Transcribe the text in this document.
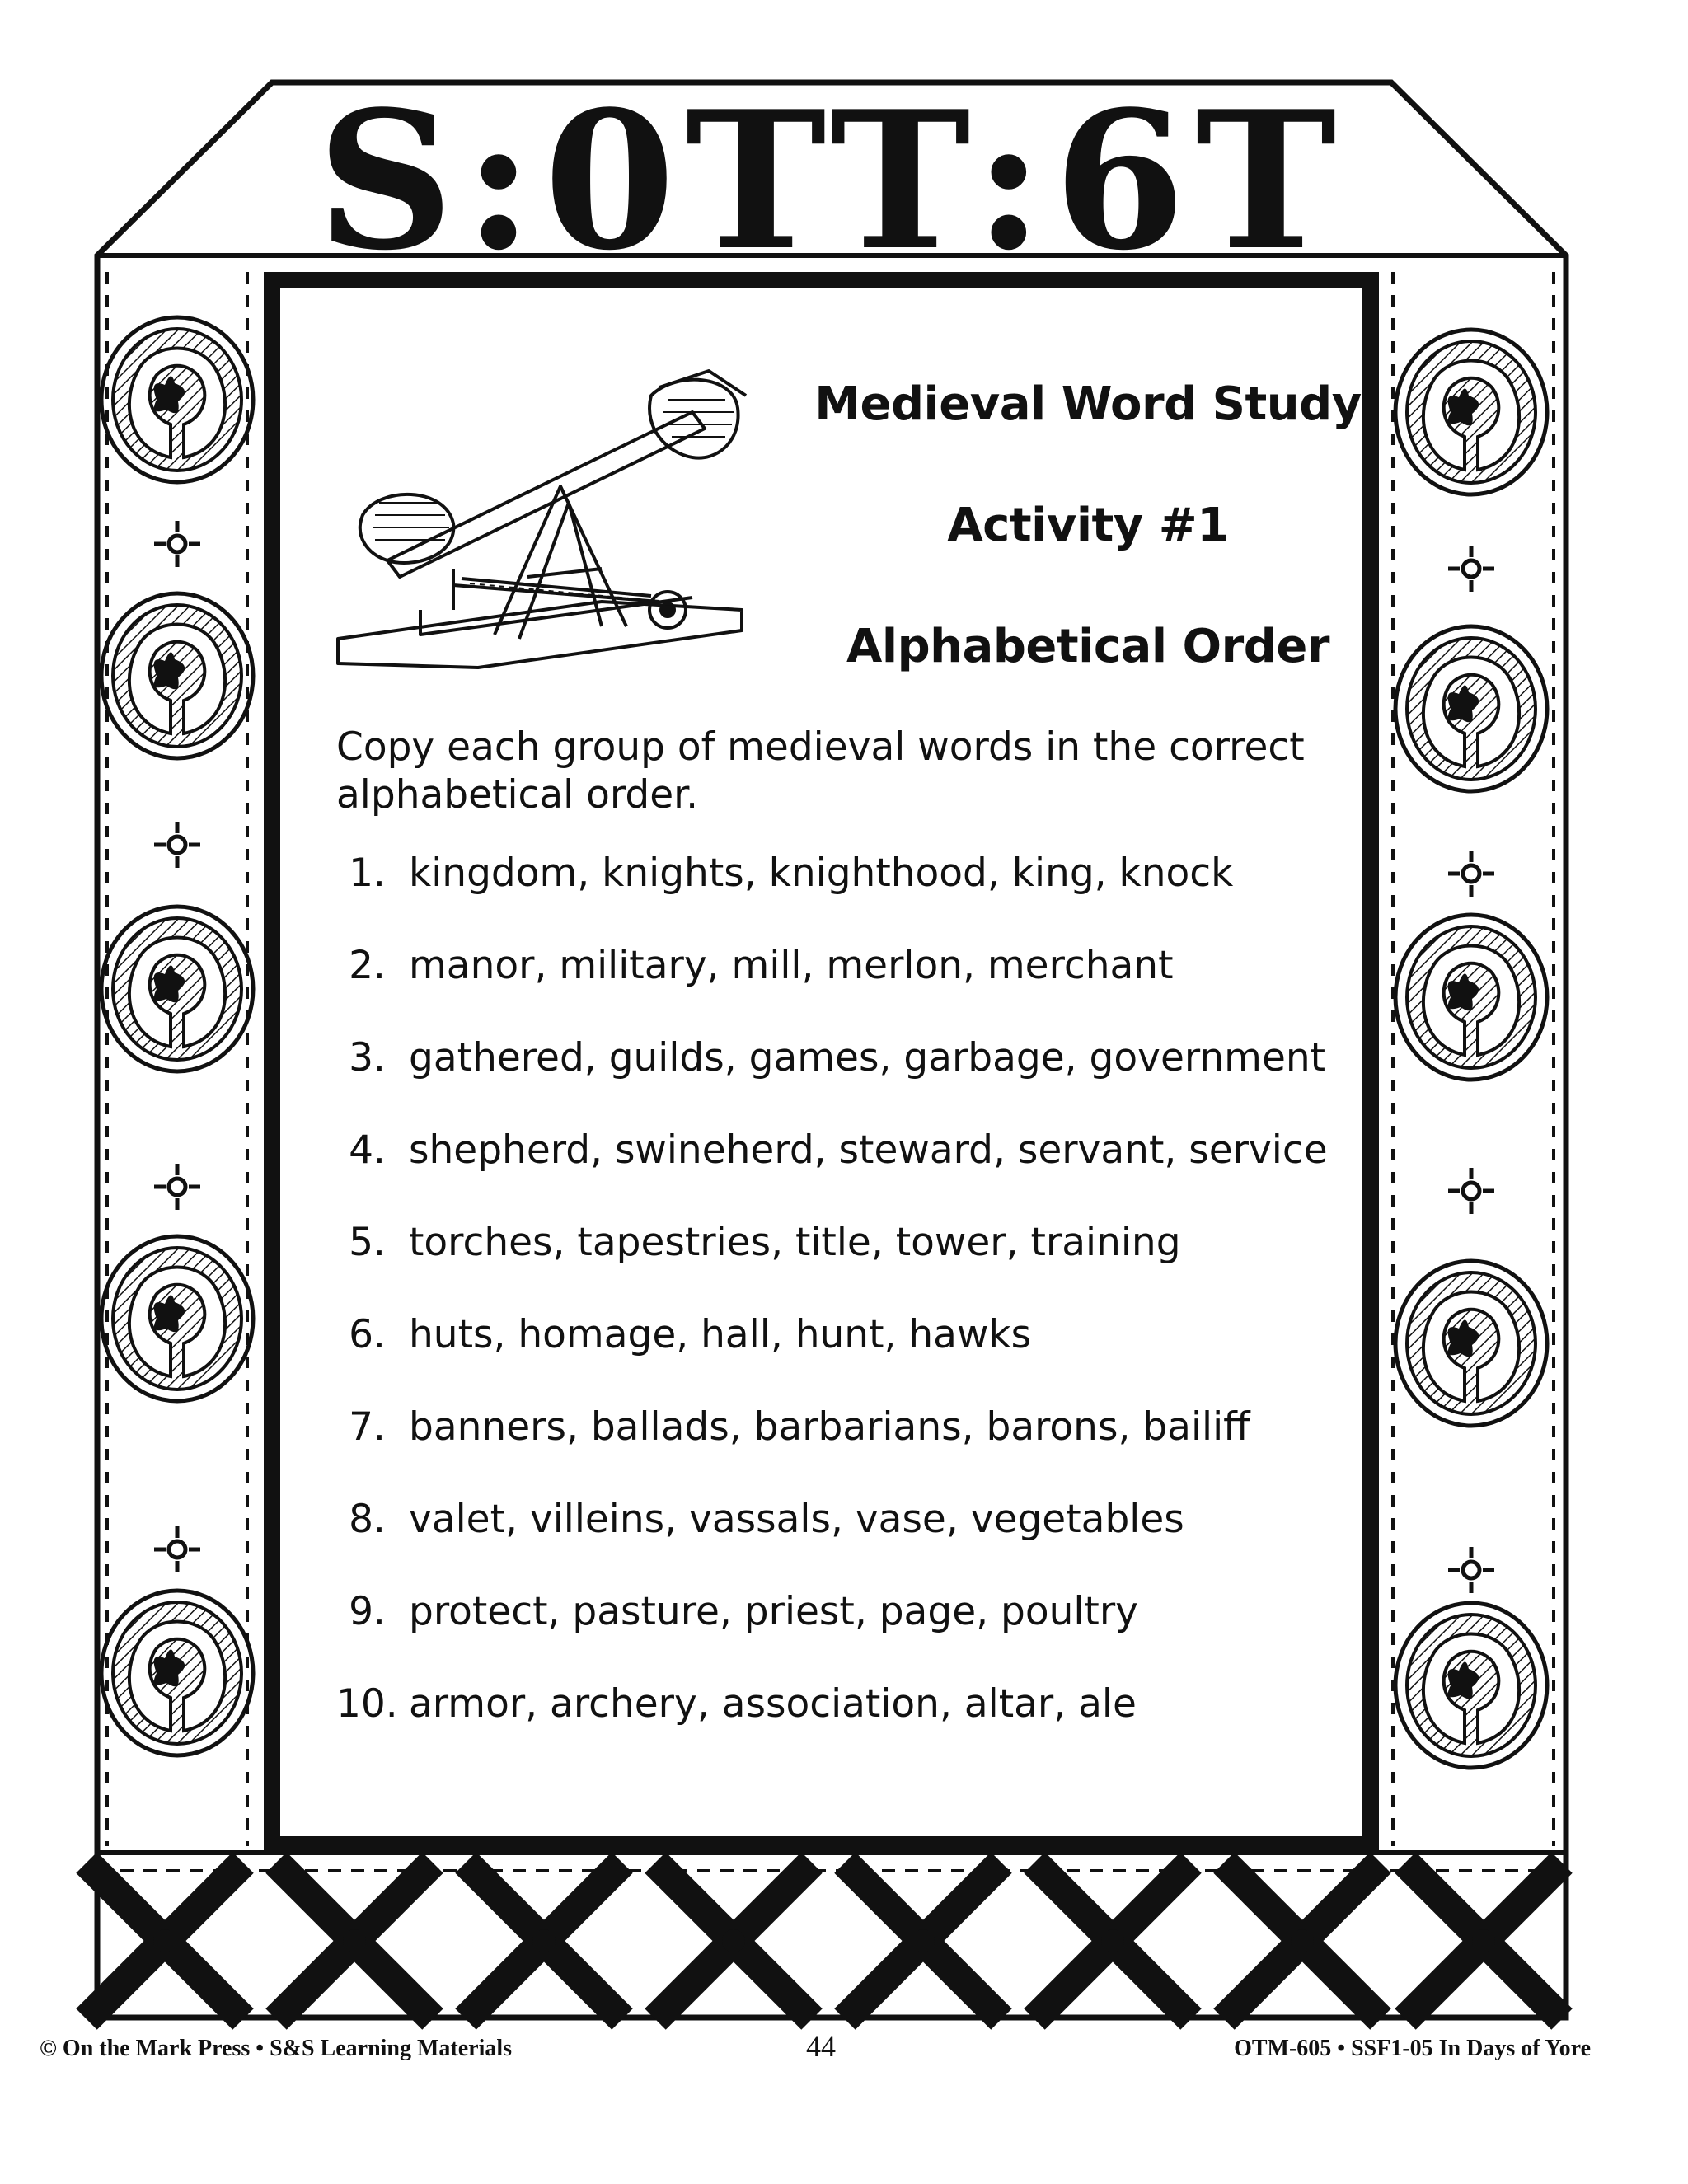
S:0TT:6T
Medieval Word Study
Activity #1
Alphabetical Order
Copy each group of medieval words in the correct alphabetical order.
1. kingdom, knights, knighthood, king, knock
2. manor, military, mill, merlon, merchant
3. gathered, guilds, games, garbage, government
4. shepherd, swineherd, steward, servant, service
5. torches, tapestries, title, tower, training
6. huts, homage, hall, hunt, hawks
7. banners, ballads, barbarians, barons, bailiff
8. valet, villeins, vassals, vase, vegetables
9. protect, pasture, priest, page, poultry
10. armor, archery, association, altar, ale
© On the Mark Press • S&S Learning Materials	44	OTM-605 • SSF1-05 In Days of Yore
